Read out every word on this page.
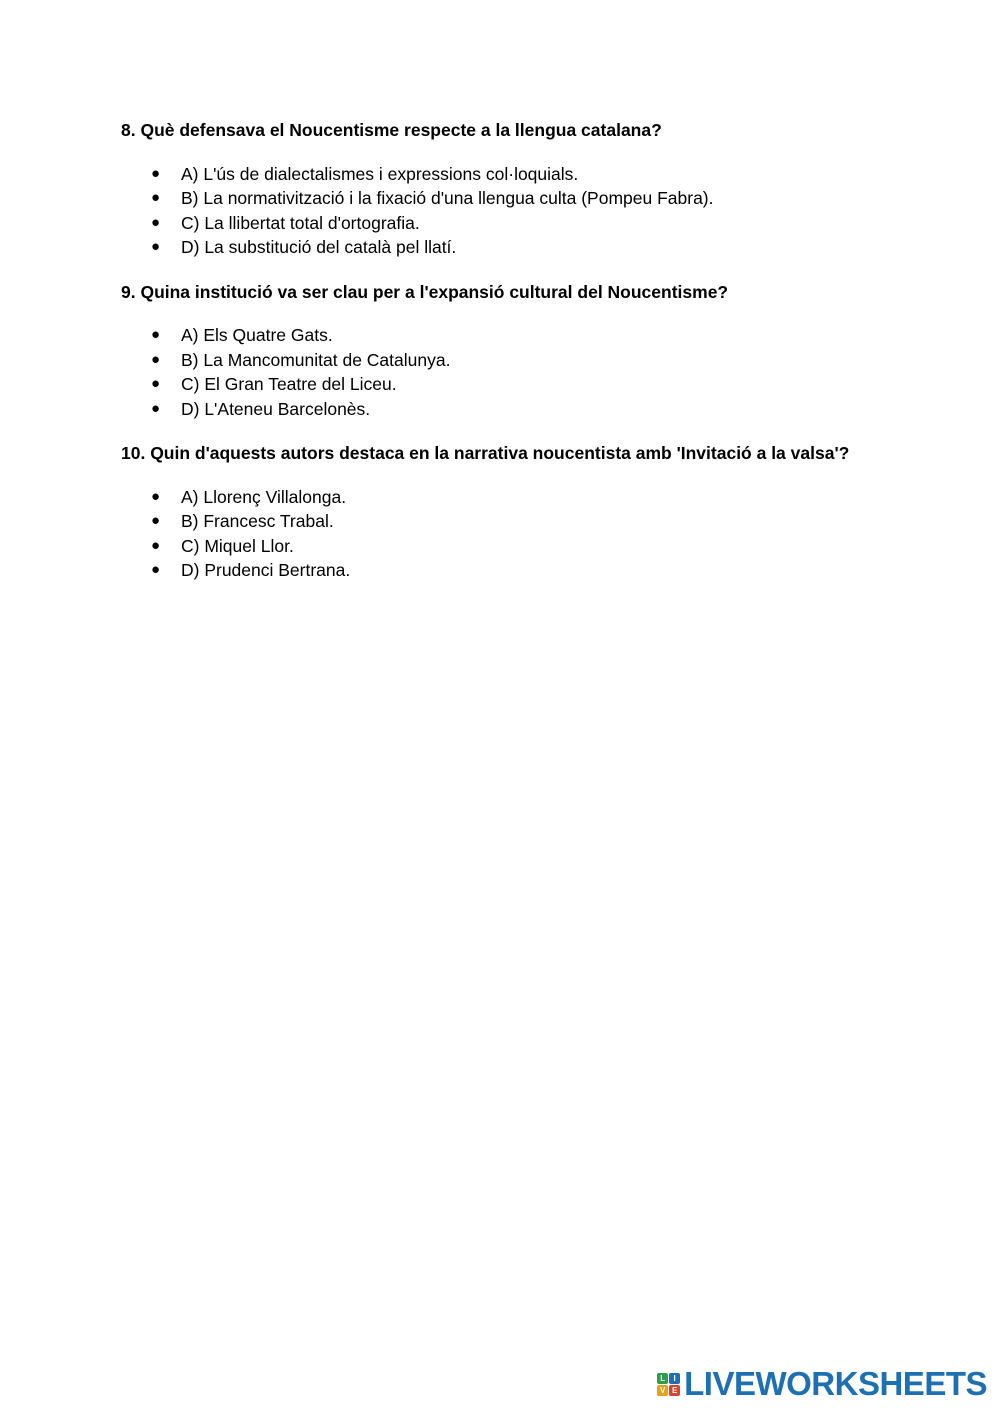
8. Què defensava el Noucentisme respecte a la llengua catalana?

● A) L'ús de dialectalismes i expressions col·loquials.
● B) La normativització i la fixació d'una llengua culta (Pompeu Fabra).
● C) La llibertat total d'ortografia.
● D) La substitució del català pel llatí.

9. Quina institució va ser clau per a l'expansió cultural del Noucentisme?

● A) Els Quatre Gats.
● B) La Mancomunitat de Catalunya.
● C) El Gran Teatre del Liceu.
● D) L'Ateneu Barcelonès.

10. Quin d'aquests autors destaca en la narrativa noucentista amb 'Invitació a la valsa'?

● A) Llorenç Villalonga.
● B) Francesc Trabal.
● C) Miquel Llor.
● D) Prudenci Bertrana.
L	I
V E LIVEWORKSHEETS
